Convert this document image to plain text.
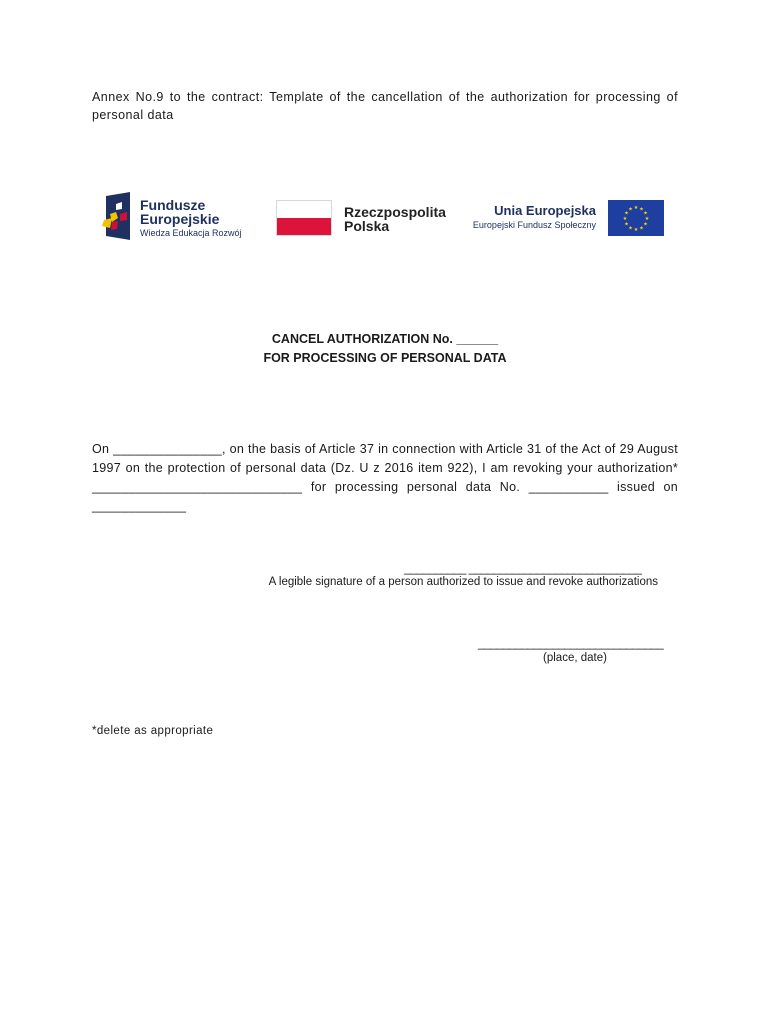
Annex No.9 to the contract: Template of the cancellation of the authorization for processing of personal data
Fundusze
Europejskie
Wiedza Edukacja Rozwój
Rzeczpospolita
Polska
Unia Europejska
Europejski Fundusz Społeczny
★ ★
★
★
★
★
★
★
★
★
★
★
CANCEL AUTHORIZATION No. ______
FOR PROCESSING OF PERSONAL DATA
On _______________, on the basis of Article 37 in connection with Article 31 of the Act of 29 August 1997 on the protection of personal data (Dz. U z 2016 item 922), I am revoking your authorization* _____________________________ for processing personal data No. ___________ issued on _____________
__________ ____________________________
A legible signature of a person authorized to issue and revoke authorizations
______________________________
(place, date)
*delete as appropriate
